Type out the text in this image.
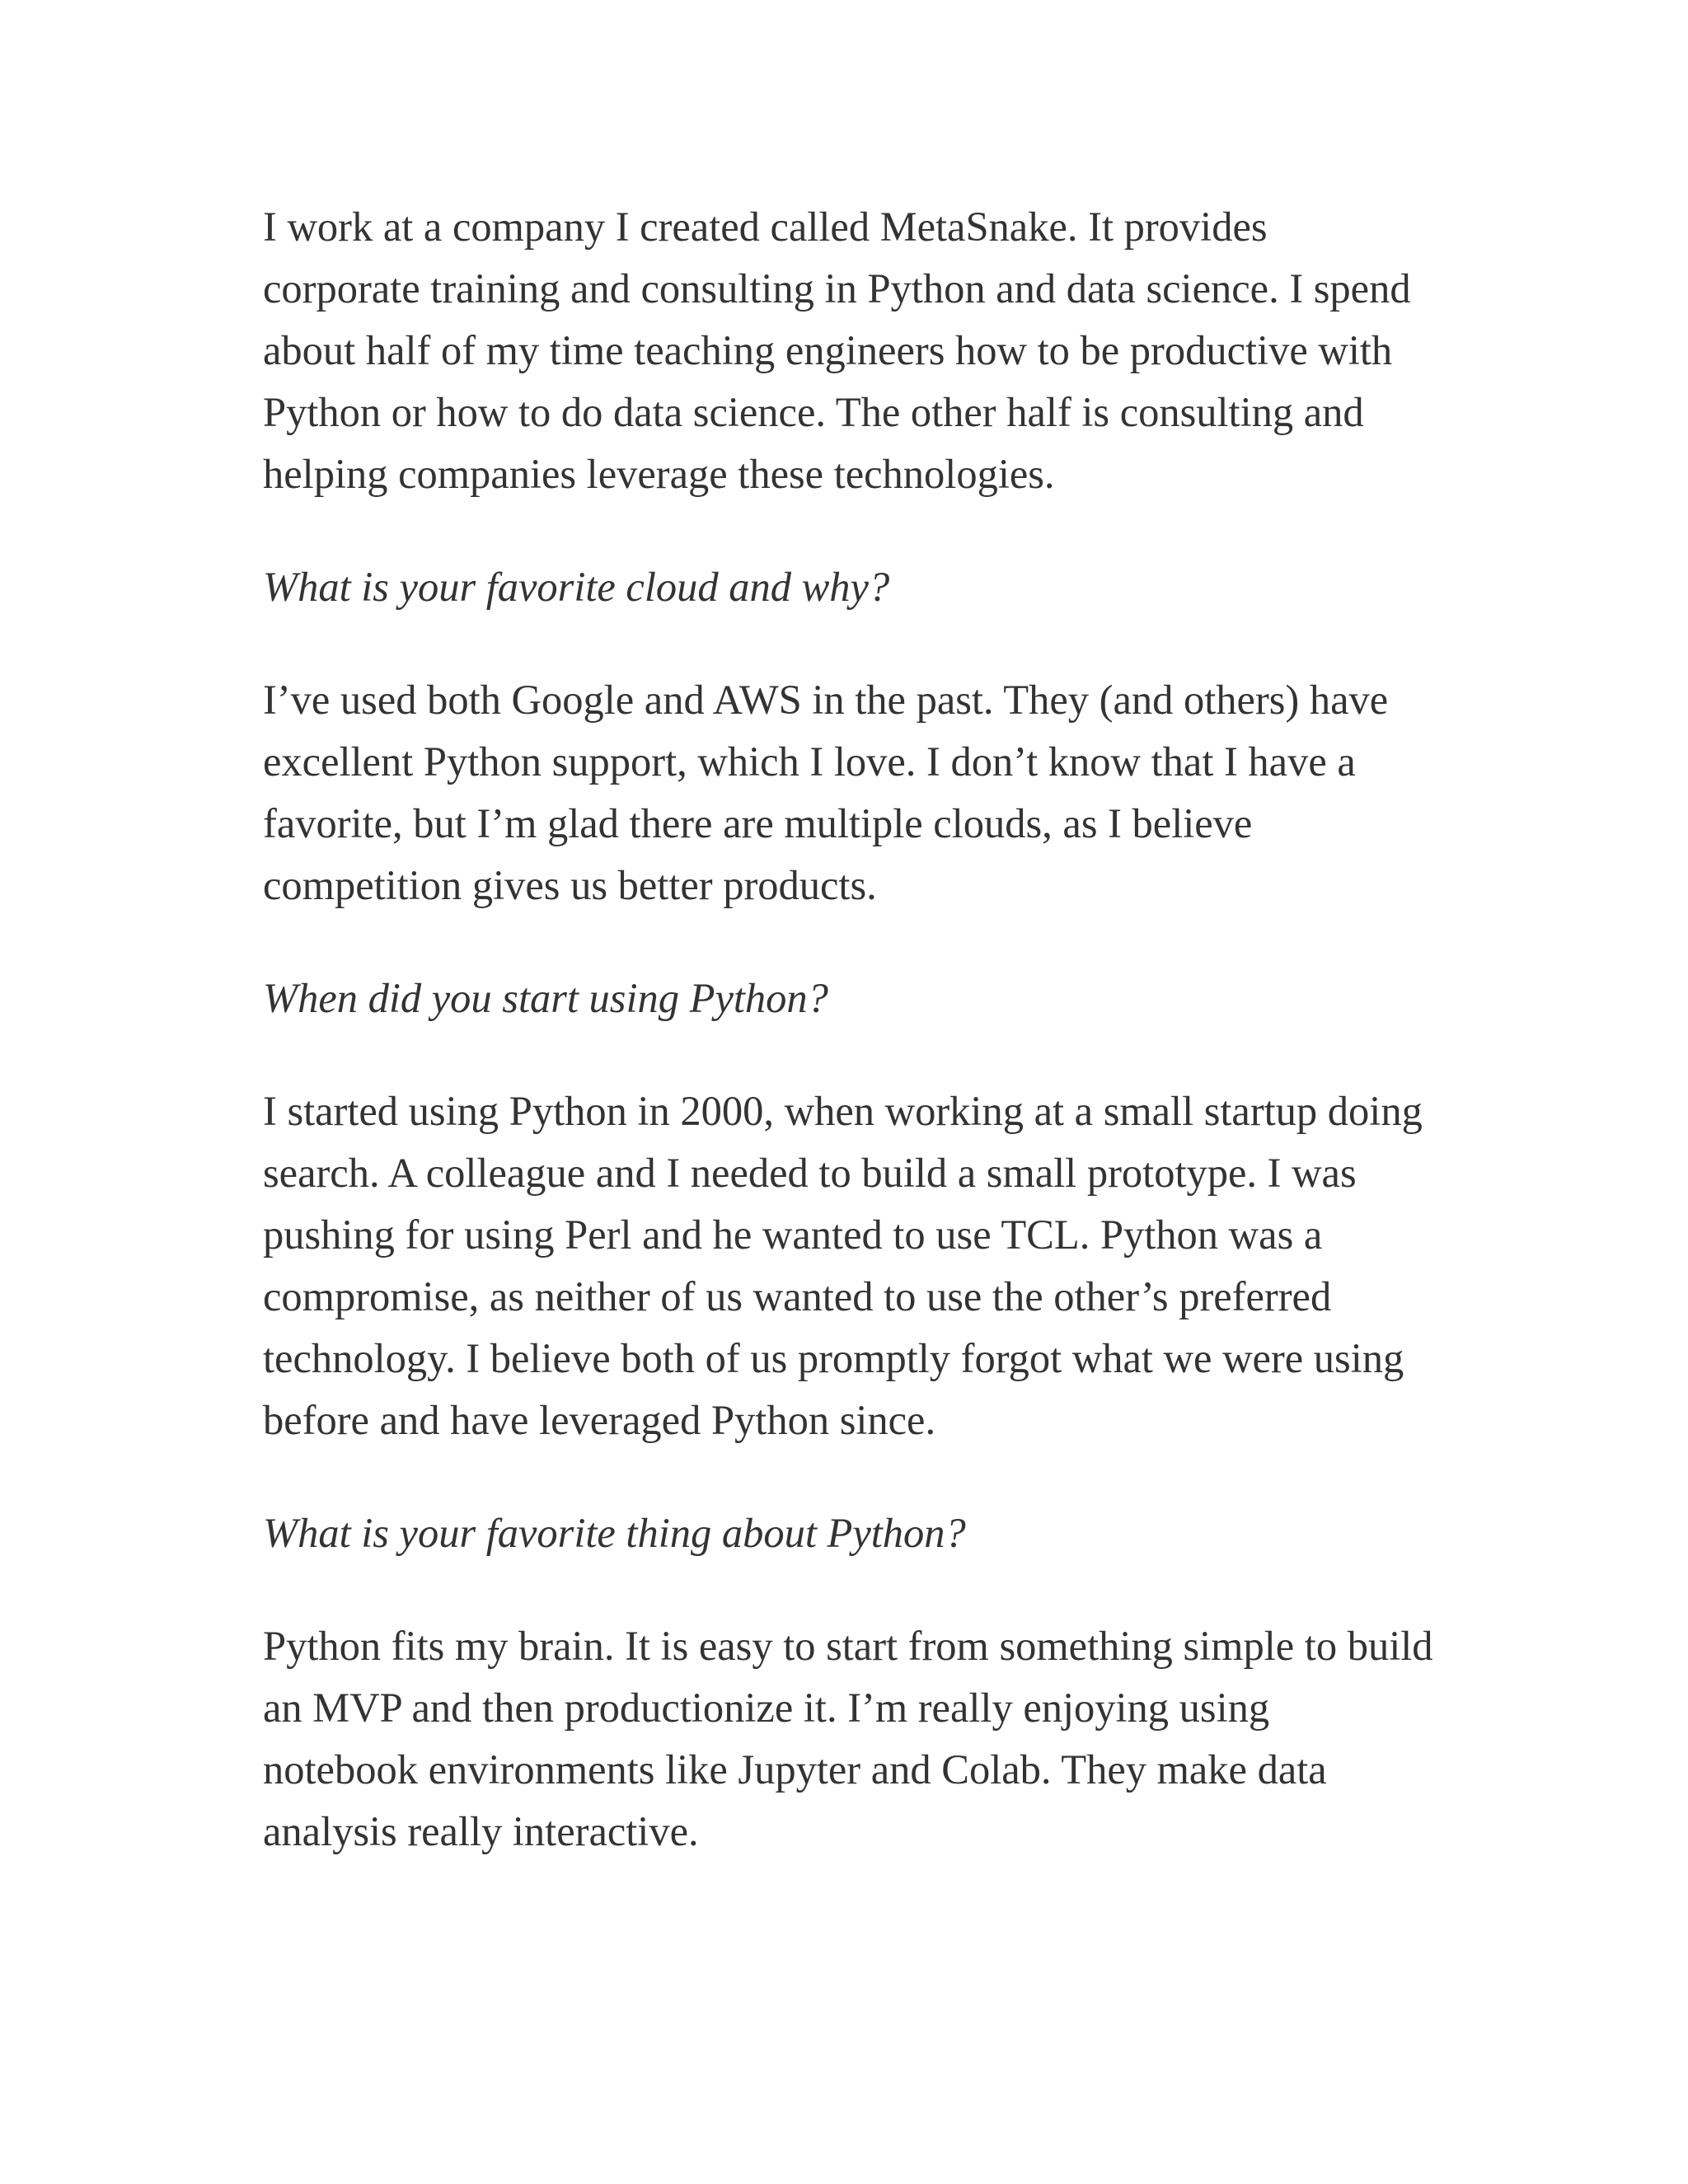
I work at a company I created called MetaSnake. It provides corporate training and consulting in Python and data science. I spend about half of my time teaching engineers how to be productive with Python or how to do data science. The other half is consulting and helping companies leverage these technologies.

What is your favorite cloud and why?

I’ve used both Google and AWS in the past. They (and others) have excellent Python support, which I love. I don’t know that I have a favorite, but I’m glad there are multiple clouds, as I believe competition gives us better products.

When did you start using Python?

I started using Python in 2000, when working at a small startup doing search. A colleague and I needed to build a small prototype. I was pushing for using Perl and he wanted to use TCL. Python was a compromise, as neither of us wanted to use the other’s preferred technology. I believe both of us promptly forgot what we were using before and have leveraged Python since.

What is your favorite thing about Python?

Python fits my brain. It is easy to start from something simple to build an MVP and then productionize it. I’m really enjoying using notebook environments like Jupyter and Colab. They make data analysis really interactive.
